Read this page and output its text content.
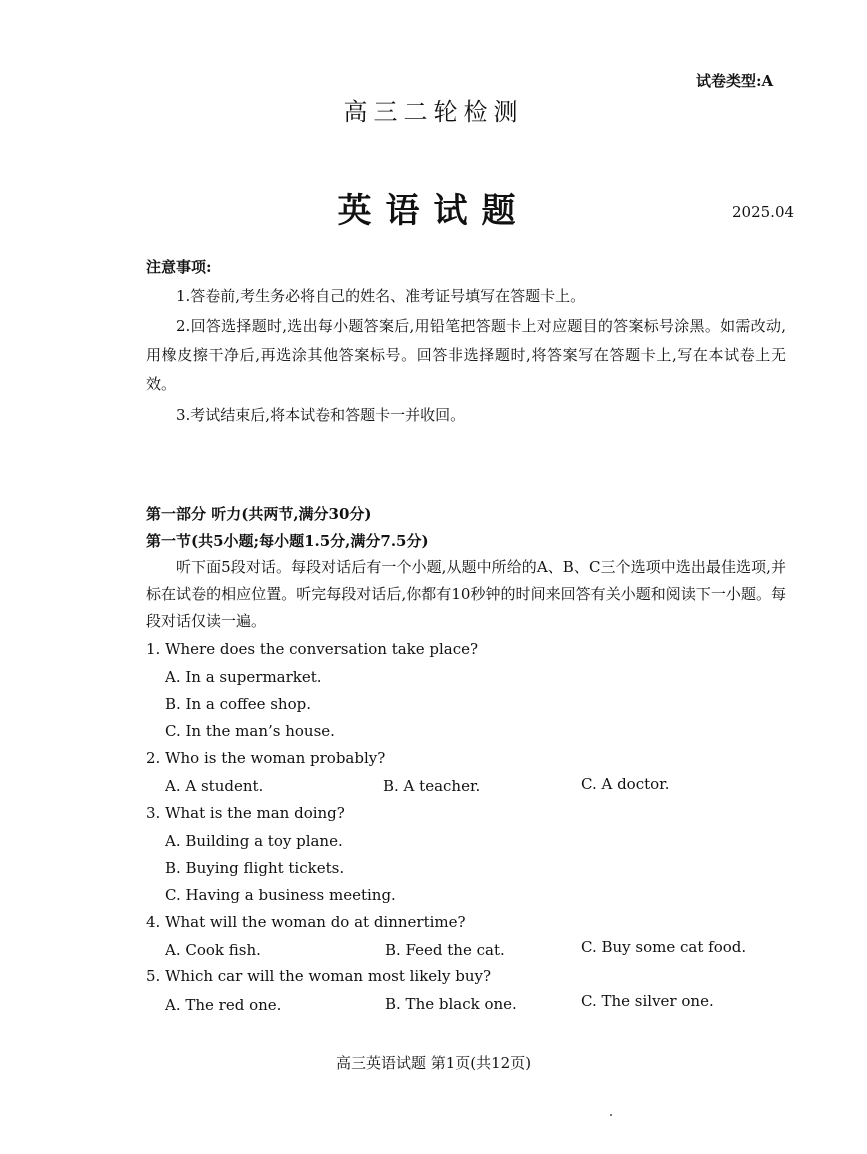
试卷类型:A
高三二轮检测
英语试题	2025.04
注意事项:
1.答卷前,考生务必将自己的姓名、准考证号填写在答题卡上。
2.回答选择题时,选出每小题答案后,用铅笔把答题卡上对应题目的答案标号涂黑。如需改动,用橡皮擦干净后,再选涂其他答案标号。回答非选择题时,将答案写在答题卡上,写在本试卷上无效。
3.考试结束后,将本试卷和答题卡一并收回。
第一部分 听力(共两节,满分30分)
第一节(共5小题;每小题1.5分,满分7.5分)
听下面5段对话。每段对话后有一个小题,从题中所给的A、B、C三个选项中选出最佳选项,并标在试卷的相应位置。听完每段对话后,你都有10秒钟的时间来回答有关小题和阅读下一小题。每段对话仅读一遍。
1. Where does the conversation take place?
A. In a supermarket.
B. In a coffee shop.
C. In the man’s house.
2. Who is the woman probably?
A. A student.	B. A teacher.	C. A doctor.
3. What is the man doing?
A. Building a toy plane.
B. Buying flight tickets.
C. Having a business meeting.
4. What will the woman do at dinnertime?
A. Cook fish.	B. Feed the cat.	C. Buy some cat food.
5. Which car will the woman most likely buy?
A. The red one.	B. The black one.	C. The silver one.
高三英语试题 第1页(共12页)
